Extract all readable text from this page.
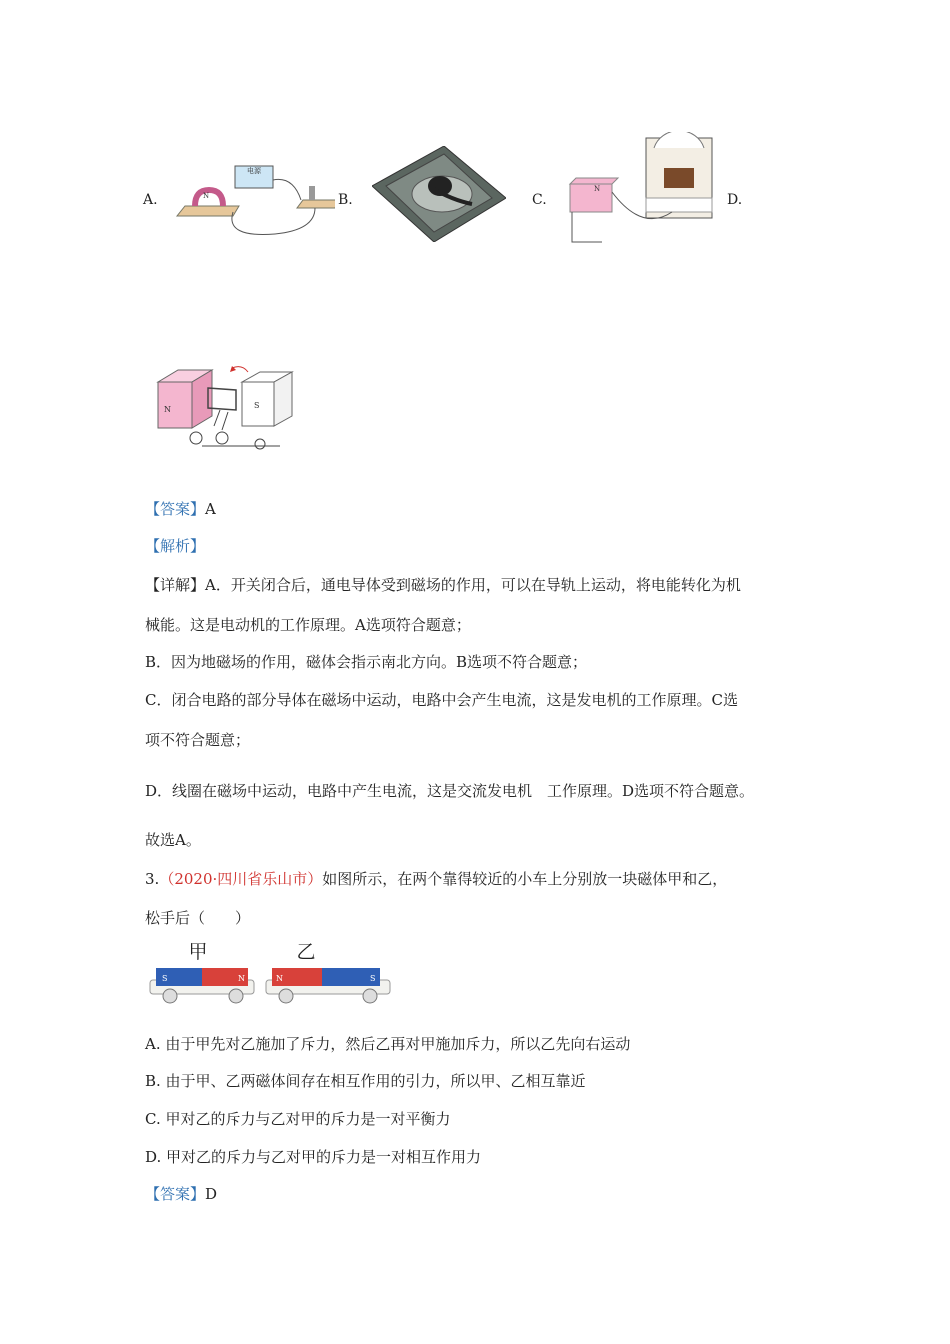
A.
电源
N	B.	C.
N
D.
N	S
【答案】A
【解析】
【详解】A．开关闭合后，通电导体受到磁场的作用，可以在导轨上运动，将电能转化为机
械能。这是电动机的工作原理。A选项符合题意；
B．因为地磁场的作用，磁体会指示南北方向。B选项不符合题意；
C．闭合电路的部分导体在磁场中运动，电路中会产生电流，这是发电机的工作原理。C选
项不符合题意；
D．线圈在磁场中运动，电路中产生电流，这是交流发电机　工作原理。D选项不符合题意。
故选A。
3.（2020·四川省乐山市）如图所示，在两个靠得较近的小车上分别放一块磁体甲和乙，
松手后（　　）
甲	乙
S	N	N	S
A. 由于甲先对乙施加了斥力，然后乙再对甲施加斥力，所以乙先向右运动
B. 由于甲、乙两磁体间存在相互作用的引力，所以甲、乙相互靠近
C. 甲对乙的斥力与乙对甲的斥力是一对平衡力
D. 甲对乙的斥力与乙对甲的斥力是一对相互作用力
【答案】D
